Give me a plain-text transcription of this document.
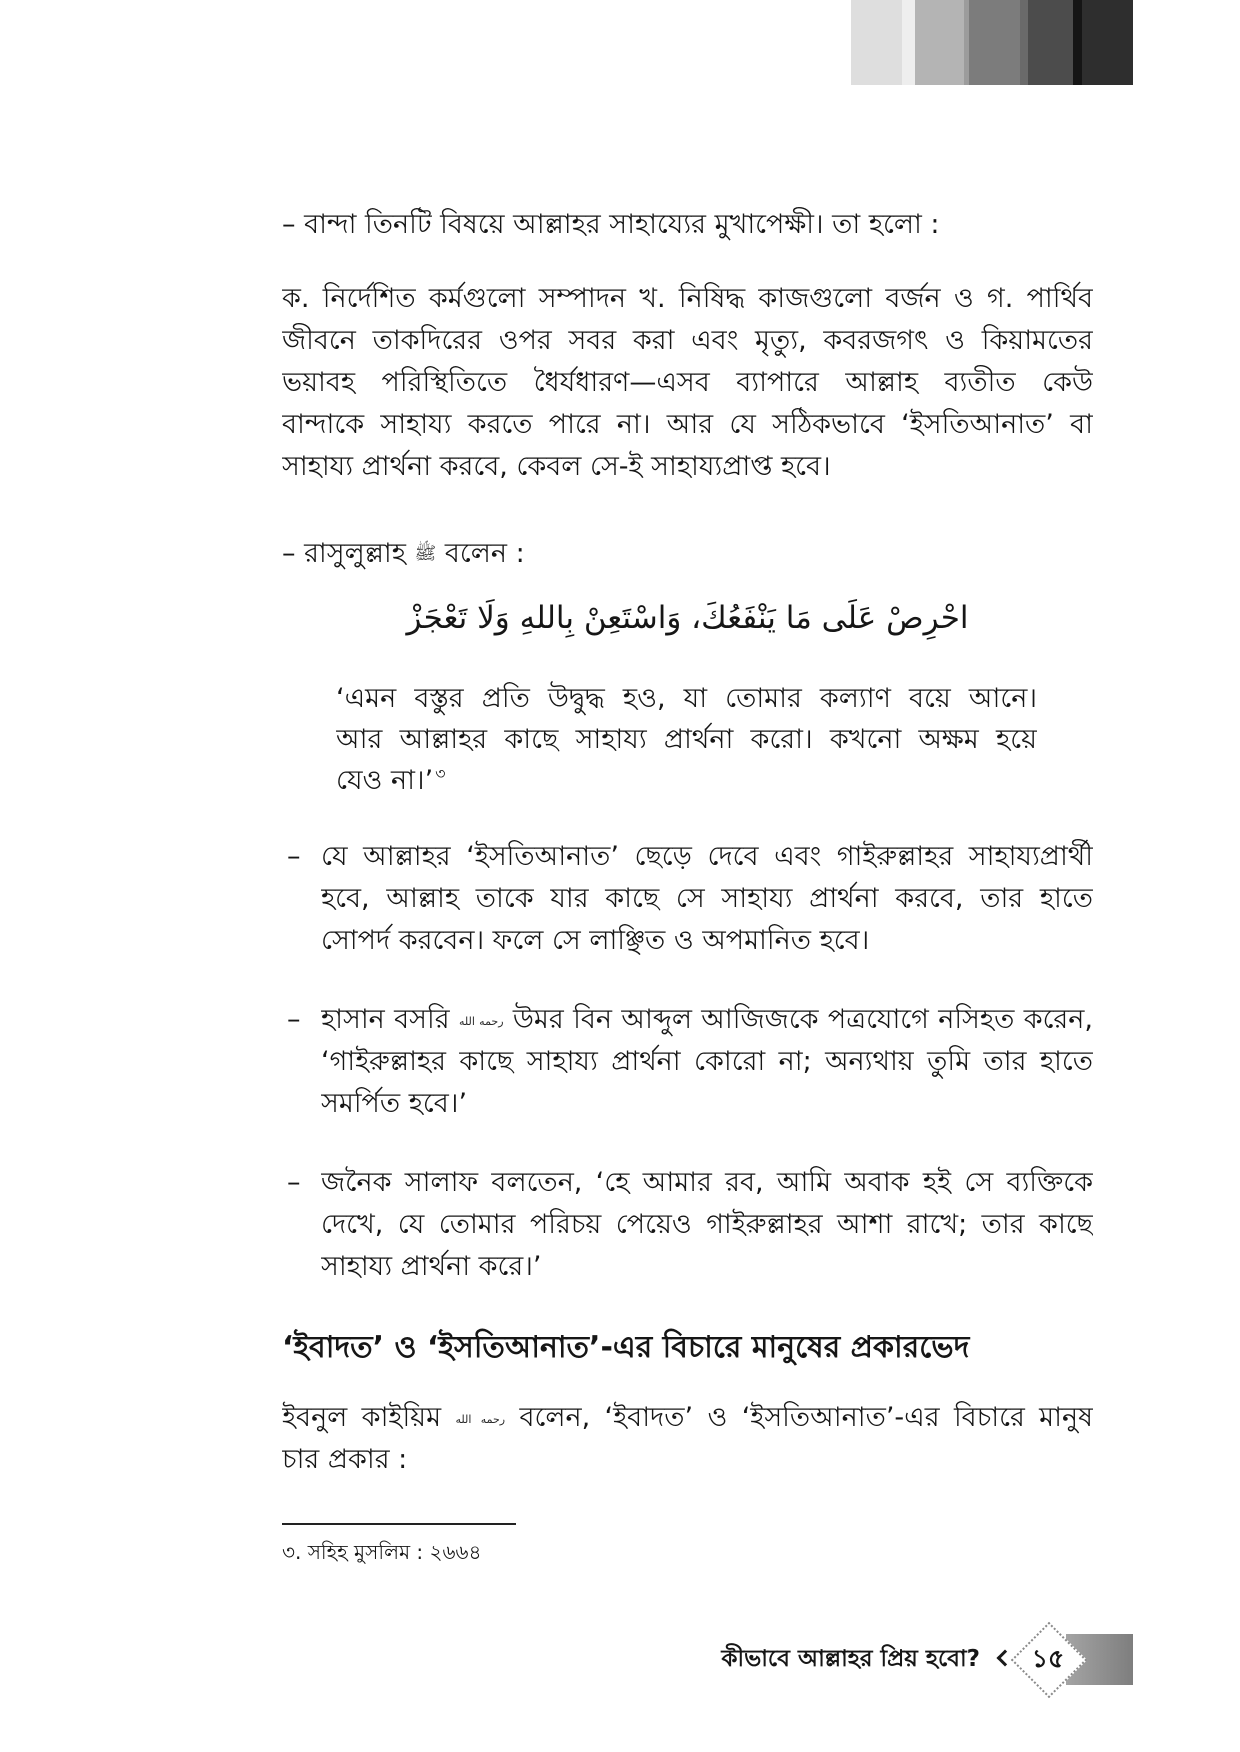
– বান্দা তিনটি বিষয়ে আল্লাহর সাহায্যের মুখাপেক্ষী। তা হলো :
ক. নির্দেশিত কর্মগুলো সম্পাদন খ. নিষিদ্ধ কাজগুলো বর্জন ও গ. পার্থিব
জীবনে তাকদিরের ওপর সবর করা এবং মৃত্যু, কবরজগৎ ও কিয়ামতের
ভয়াবহ পরিস্থিতিতে ধৈর্যধারণ—এসব ব্যাপারে আল্লাহ ব্যতীত কেউ
বান্দাকে সাহায্য করতে পারে না। আর যে সঠিকভাবে ‘ইসতিআনাত’ বা
সাহায্য প্রার্থনা করবে, কেবল সে-ই সাহায্যপ্রাপ্ত হবে।
– রাসুলুল্লাহ ﷺ বলেন :
احْرِصْ عَلَى مَا يَنْفَعُكَ، وَاسْتَعِنْ بِاللهِ وَلَا تَعْجَزْ
‘এমন বস্তুর প্রতি উদ্বুদ্ধ হও, যা তোমার কল্যাণ বয়ে আনে।
আর আল্লাহর কাছে সাহায্য প্রার্থনা করো। কখনো অক্ষম হয়ে
যেও না।’ $^৩$
– যে আল্লাহর ‘ইসতিআনাত’ ছেড়ে দেবে এবং গাইরুল্লাহর সাহায্যপ্রার্থী
হবে, আল্লাহ তাকে যার কাছে সে সাহায্য প্রার্থনা করবে, তার হাতে
সোপর্দ করবেন। ফলে সে লাঞ্ছিত ও অপমানিত হবে।
– হাসান বসরি رحمه الله উমর বিন আব্দুল আজিজকে পত্রযোগে নসিহত করেন,
‘গাইরুল্লাহর কাছে সাহায্য প্রার্থনা কোরো না; অন্যথায় তুমি তার হাতে
সমর্পিত হবে।’
– জনৈক সালাফ বলতেন, ‘হে আমার রব, আমি অবাক হই সে ব্যক্তিকে
দেখে, যে তোমার পরিচয় পেয়েও গাইরুল্লাহর আশা রাখে; তার কাছে
সাহায্য প্রার্থনা করে।’
‘ইবাদত’ ও ‘ইসতিআনাত’-এর বিচারে মানুষের প্রকারভেদ
ইবনুল কাইয়িম رحمه الله বলেন, ‘ইবাদত’ ও ‘ইসতিআনাত’-এর বিচারে মানুষ
চার প্রকার :
৩. সহিহ মুসলিম : ২৬৬৪
কীভাবে আল্লাহর প্রিয় হবো?	১৫
